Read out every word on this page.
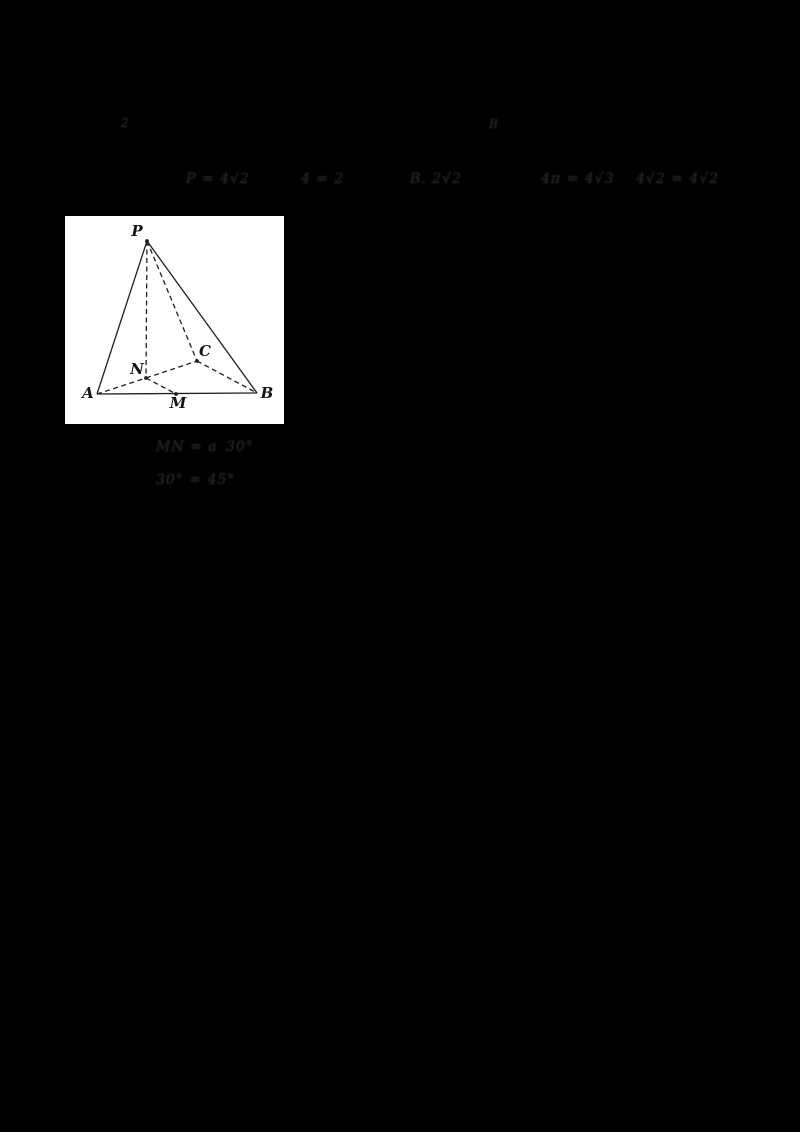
2	B
P = 4√2	4 = 2	B. 2√2	4π = 4√3 4√2 = 4√2
MN = a 30°
30° = 45°
P
A	B
C
N
M
